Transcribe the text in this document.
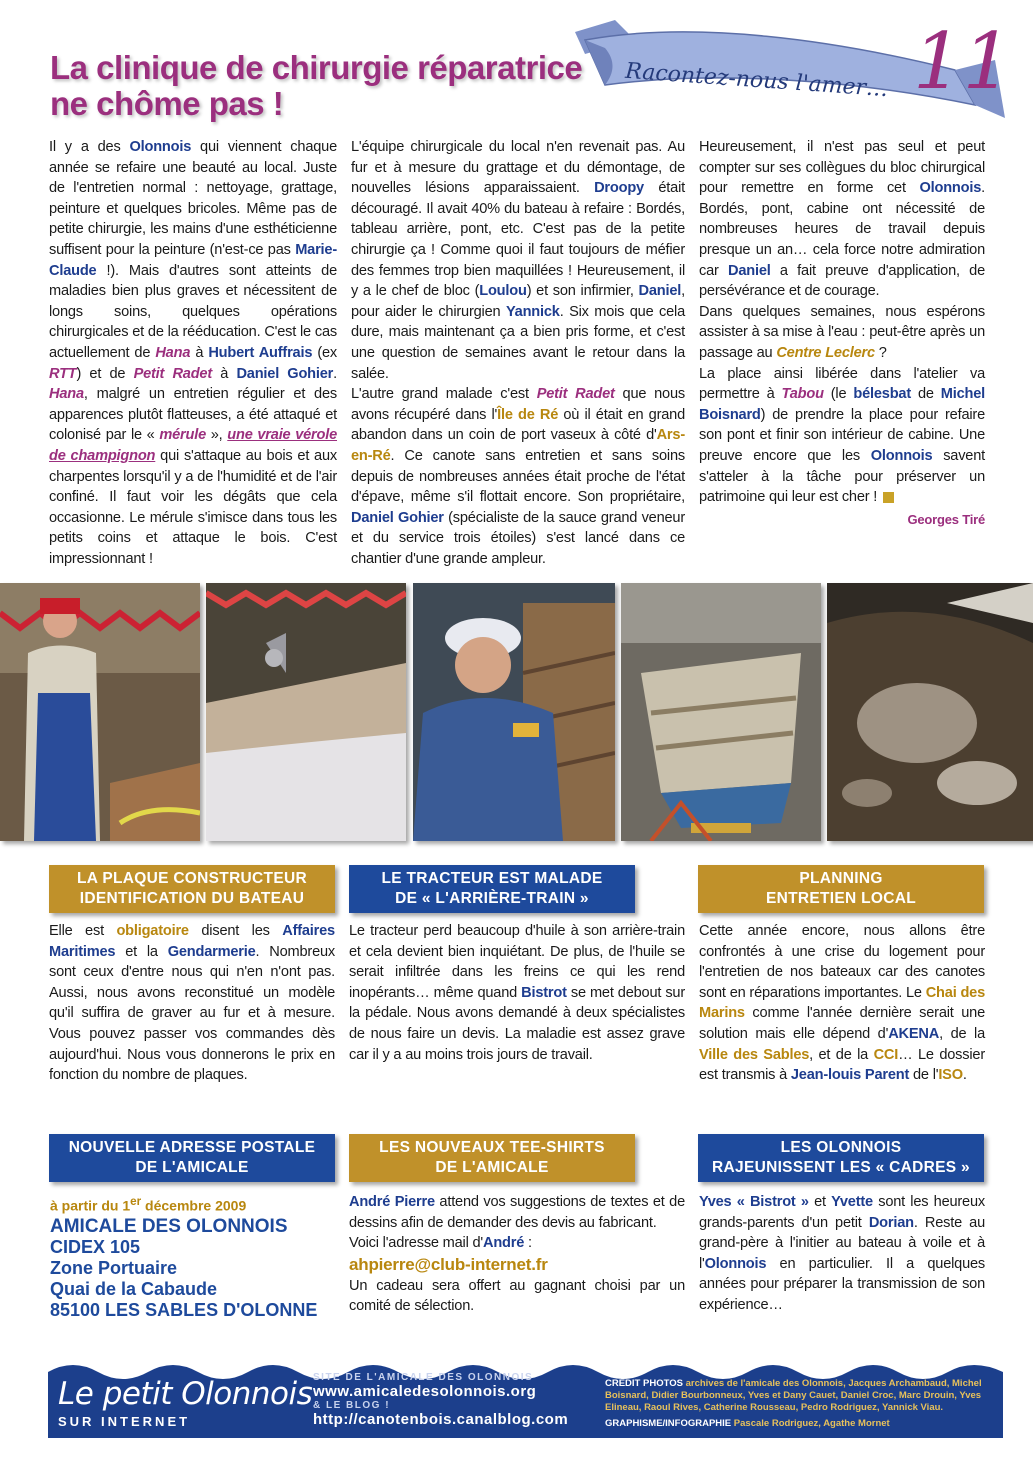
La clinique de chirurgie réparatrice
ne chôme pas !
Racontez-nous l'amer… 11
Il y a des Olonnois qui viennent chaque année se refaire une beauté au local. Juste de l'entretien normal : nettoyage, grattage, peinture et quelques bricoles. Même pas de petite chirurgie, les mains d'une esthéticienne suffisent pour la peinture (n'est-ce pas Marie-Claude !). Mais d'autres sont atteints de maladies bien plus graves et nécessitent de longs soins, quelques opérations chirurgicales et de la rééducation. C'est le cas actuellement de Hana à Hubert Auffrais (ex RTT) et de Petit Radet à Daniel Gohier. Hana, malgré un entretien régulier et des apparences plutôt flatteuses, a été attaqué et colonisé par le « mérule », une vraie vérole de champignon qui s'attaque au bois et aux charpentes lorsqu'il y a de l'humidité et de l'air confiné. Il faut voir les dégâts que cela occasionne. Le mérule s'imisce dans tous les petits coins et attaque le bois. C'est impressionnant !
L'équipe chirurgicale du local n'en revenait pas. Au fur et à mesure du grattage et du démontage, de nouvelles lésions apparaissaient. Droopy était découragé. Il avait 40% du bateau à refaire : Bordés, tableau arrière, pont, etc. C'est pas de la petite chirurgie ça ! Comme quoi il faut toujours de méfier des femmes trop bien maquillées ! Heureusement, il y a le chef de bloc (Loulou) et son infirmier, Daniel, pour aider le chirurgien Yannick. Six mois que cela dure, mais maintenant ça a bien pris forme, et c'est une question de semaines avant le retour dans la salée.
L'autre grand malade c'est Petit Radet que nous avons récupéré dans l'Île de Ré où il était en grand abandon dans un coin de port vaseux à côté d'Ars-en-Ré. Ce canote sans entretien et sans soins depuis de nombreuses années était proche de l'état d'épave, même s'il flottait encore. Son propriétaire, Daniel Gohier (spécialiste de la sauce grand veneur et du service trois étoiles) s'est lancé dans ce chantier d'une grande ampleur.
Heureusement, il n'est pas seul et peut compter sur ses collègues du bloc chirurgical pour remettre en forme cet Olonnois. Bordés, pont, cabine ont nécessité de nombreuses heures de travail depuis presque un an… cela force notre admiration car Daniel a fait preuve d'application, de persévérance et de courage.
Dans quelques semaines, nous espérons assister à sa mise à l'eau : peut-être après un passage au Centre Leclerc ?
La place ainsi libérée dans l'atelier va permettre à Tabou (le bélesbat de Michel Boisnard) de prendre la place pour refaire son pont et finir son intérieur de cabine. Une preuve encore que les Olonnois savent s'atteler à la tâche pour préserver un patrimoine qui leur est cher !
Georges Tiré
LA PLAQUE CONSTRUCTEUR
IDENTIFICATION DU BATEAU
LE TRACTEUR EST MALADE
DE « L'ARRIÈRE-TRAIN »
PLANNING
ENTRETIEN LOCAL
Elle est obligatoire disent les Affaires Maritimes et la Gendarmerie. Nombreux sont ceux d'entre nous qui n'en n'ont pas. Aussi, nous avons reconstitué un modèle qu'il suffira de graver au fur et à mesure. Vous pouvez passer vos commandes dès aujourd'hui. Nous vous donnerons le prix en fonction du nombre de plaques.
Le tracteur perd beaucoup d'huile à son arrière-train et cela devient bien inquiétant. De plus, de l'huile se serait infiltrée dans les freins ce qui les rend inopérants… même quand Bistrot se met debout sur la pédale. Nous avons demandé à deux spécialistes de nous faire un devis. La maladie est assez grave car il y a au moins trois jours de travail.
Cette année encore, nous allons être confrontés à une crise du logement pour l'entretien de nos bateaux car des canotes sont en réparations importantes. Le Chai des Marins comme l'année dernière serait une solution mais elle dépend d'AKENA, de la Ville des Sables, et de la CCI… Le dossier est transmis à Jean-louis Parent de l'ISO.
NOUVELLE ADRESSE POSTALE
DE L'AMICALE
LES NOUVEAUX TEE-SHIRTS
DE L'AMICALE
LES OLONNOIS
RAJEUNISSENT LES « CADRES »
à partir du 1er décembre 2009
AMICALE DES OLONNOIS
CIDEX 105
Zone Portuaire
Quai de la Cabaude
85100 LES SABLES D'OLONNE
André Pierre attend vos suggestions de textes et de dessins afin de demander des devis au fabricant.
Voici l'adresse mail d'André :
ahpierre@club-internet.fr
Un cadeau sera offert au gagnant choisi par un comité de sélection.
Yves « Bistrot » et Yvette sont les heureux grands-parents d'un petit Dorian. Reste au grand-père à l'initier au bateau à voile et à l'Olonnois en particulier. Il a quelques années pour préparer la transmission de son expérience…
Le petit Olonnois
SUR INTERNET
SITE DE L'AMICALE DES OLONNOIS
www.amicaledesolonnois.org
& LE BLOG !
http://canotenbois.canalblog.com
CRÉDIT PHOTOS archives de l'amicale des Olonnois, Jacques Archambaud, Michel Boisnard, Didier Bourbonneux, Yves et Dany Cauet, Daniel Croc, Marc Drouin, Yves Elineau, Raoul Rives, Catherine Rousseau, Pedro Rodriguez, Yannick Viau.
GRAPHISME/INFOGRAPHIE Pascale Rodriguez, Agathe Mornet
